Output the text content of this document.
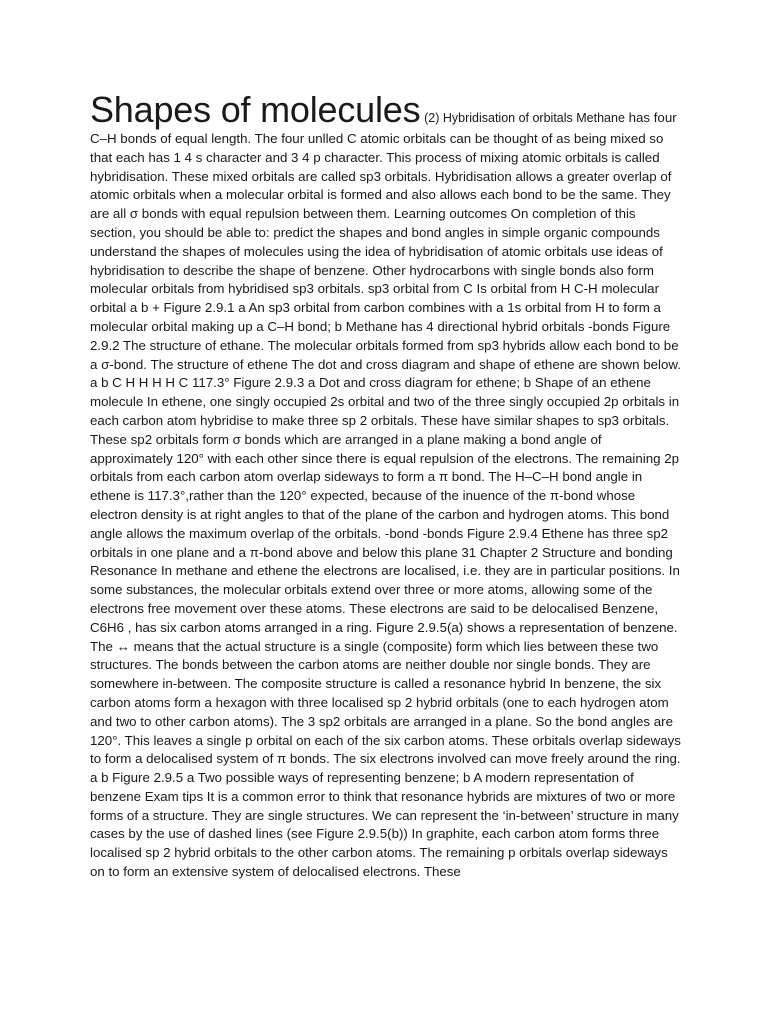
Shapes of molecules (2) Hybridisation of orbitals Methane has four C–H bonds of equal length. The four unlled C atomic orbitals can be thought of as being mixed so that each has 1 4 s character and 3 4 p character. This process of mixing atomic orbitals is called hybridisation. These mixed orbitals are called sp3 orbitals. Hybridisation allows a greater overlap of atomic orbitals when a molecular orbital is formed and also allows each bond to be the same. They are all σ bonds with equal repulsion between them. Learning outcomes On completion of this section, you should be able to: predict the shapes and bond angles in simple organic compounds understand the shapes of molecules using the idea of hybridisation of atomic orbitals use ideas of hybridisation to describe the shape of benzene. Other hydrocarbons with single bonds also form molecular orbitals from hybridised sp3 orbitals. sp3 orbital from C Is orbital from H C-H molecular orbital a b + Figure 2.9.1 a An sp3 orbital from carbon combines with a 1s orbital from H to form a molecular orbital making up a C–H bond; b Methane has 4 directional hybrid orbitals -bonds Figure 2.9.2 The structure of ethane. The molecular orbitals formed from sp3 hybrids allow each bond to be a σ-bond. The structure of ethene The dot and cross diagram and shape of ethene are shown below. a b C H H H H C 117.3° Figure 2.9.3 a Dot and cross diagram for ethene; b Shape of an ethene molecule In ethene, one singly occupied 2s orbital and two of the three singly occupied 2p orbitals in each carbon atom hybridise to make three sp 2 orbitals. These have similar shapes to sp3 orbitals. These sp2 orbitals form σ bonds which are arranged in a plane making a bond angle of approximately 120° with each other since there is equal repulsion of the electrons. The remaining 2p orbitals from each carbon atom overlap sideways to form a π bond. The H–C–H bond angle in ethene is 117.3°,rather than the 120° expected, because of the inuence of the π-bond whose electron density is at right angles to that of the plane of the carbon and hydrogen atoms. This bond angle allows the maximum overlap of the orbitals. -bond -bonds Figure 2.9.4 Ethene has three sp2 orbitals in one plane and a π-bond above and below this plane 31 Chapter 2 Structure and bonding Resonance In methane and ethene the electrons are localised, i.e. they are in particular positions. In some substances, the molecular orbitals extend over three or more atoms, allowing some of the electrons free movement over these atoms. These electrons are said to be delocalised Benzene, C6H6 , has six carbon atoms arranged in a ring. Figure 2.9.5(a) shows a representation of benzene. The ↔ means that the actual structure is a single (composite) form which lies between these two structures. The bonds between the carbon atoms are neither double nor single bonds. They are somewhere in-between. The composite structure is called a resonance hybrid In benzene, the six carbon atoms form a hexagon with three localised sp 2 hybrid orbitals (one to each hydrogen atom and two to other carbon atoms). The 3 sp2 orbitals are arranged in a plane. So the bond angles are 120°. This leaves a single p orbital on each of the six carbon atoms. These orbitals overlap sideways to form a delocalised system of π bonds. The six electrons involved can move freely around the ring. a b Figure 2.9.5 a Two possible ways of representing benzene; b A modern representation of benzene Exam tips It is a common error to think that resonance hybrids are mixtures of two or more forms of a structure. They are single structures. We can represent the ‘in-between’ structure in many cases by the use of dashed lines (see Figure 2.9.5(b)) In graphite, each carbon atom forms three localised sp 2 hybrid orbitals to the other carbon atoms. The remaining p orbitals overlap sideways on to form an extensive system of delocalised electrons. These
